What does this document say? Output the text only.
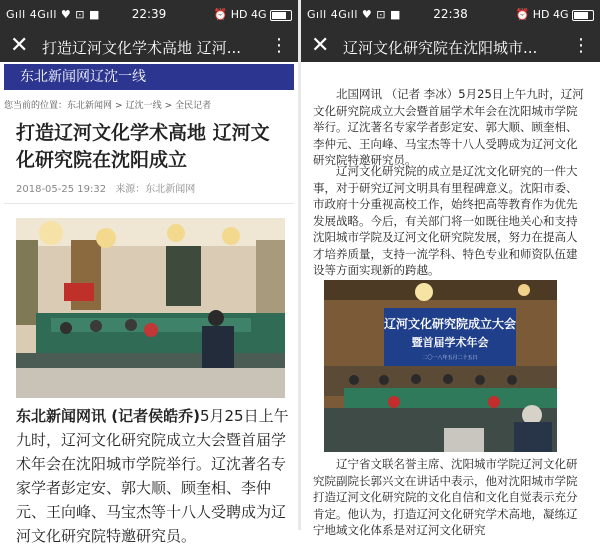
Gıll 4Gıll ♥ ⊡ ■	22:39	⏰ HD 4G
✕ 打造辽河文化学术高地 辽河...	⋮
东北新闻网辽沈一线
您当前的位置：东北新闻网 > 辽沈一线 > 全民记者
打造辽河文化学术高地 辽河文化研究院在沈阳成立
2018-05-25 19:32 来源：东北新闻网
东北新闻网讯 (记者侯皓乔)5月25日上午九时，辽河文化研究院成立大会暨首届学术年会在沈阳城市学院举行。辽沈著名专家学者彭定安、郭大顺、顾奎相、李仲元、王向峰、马宝杰等十八人受聘成为辽河文化研究院特邀研究员。
Gıll 4Gıll ♥ ⊡ ■	22:38	⏰ HD 4G
✕ 辽河文化研究院在沈阳城市...	⋮
北国网讯 （记者 李冰）5月25日上午九时，辽河文化研究院成立大会暨首届学术年会在沈阳城市学院举行。辽沈著名专家学者彭定安、郭大顺、顾奎相、李仲元、王向峰、马宝杰等十八人受聘成为辽河文化研究院特邀研究员。
辽河文化研究院的成立是辽沈文化研究的一件大事，对于研究辽河文明具有里程碑意义。沈阳市委、市政府十分重视高校工作，始终把高等教育作为优先发展战略。今后，有关部门将一如既往地关心和支持沈阳城市学院及辽河文化研究院发展，努力在提高人才培养质量，支持一流学科、特色专业和师资队伍建设等方面实现新的跨越。
辽宁省文联名誉主席、沈阳城市学院辽河文化研究院副院长郭兴文在讲话中表示，他对沈阳城市学院打造辽河文化研究院的文化自信和文化自觉表示充分肯定。他认为，打造辽河文化研究学术高地，凝练辽宁地域文化体系是对辽河文化研究
辽河文化研究院成立大会
暨首届学术年会
二〇一八年五月二十五日
